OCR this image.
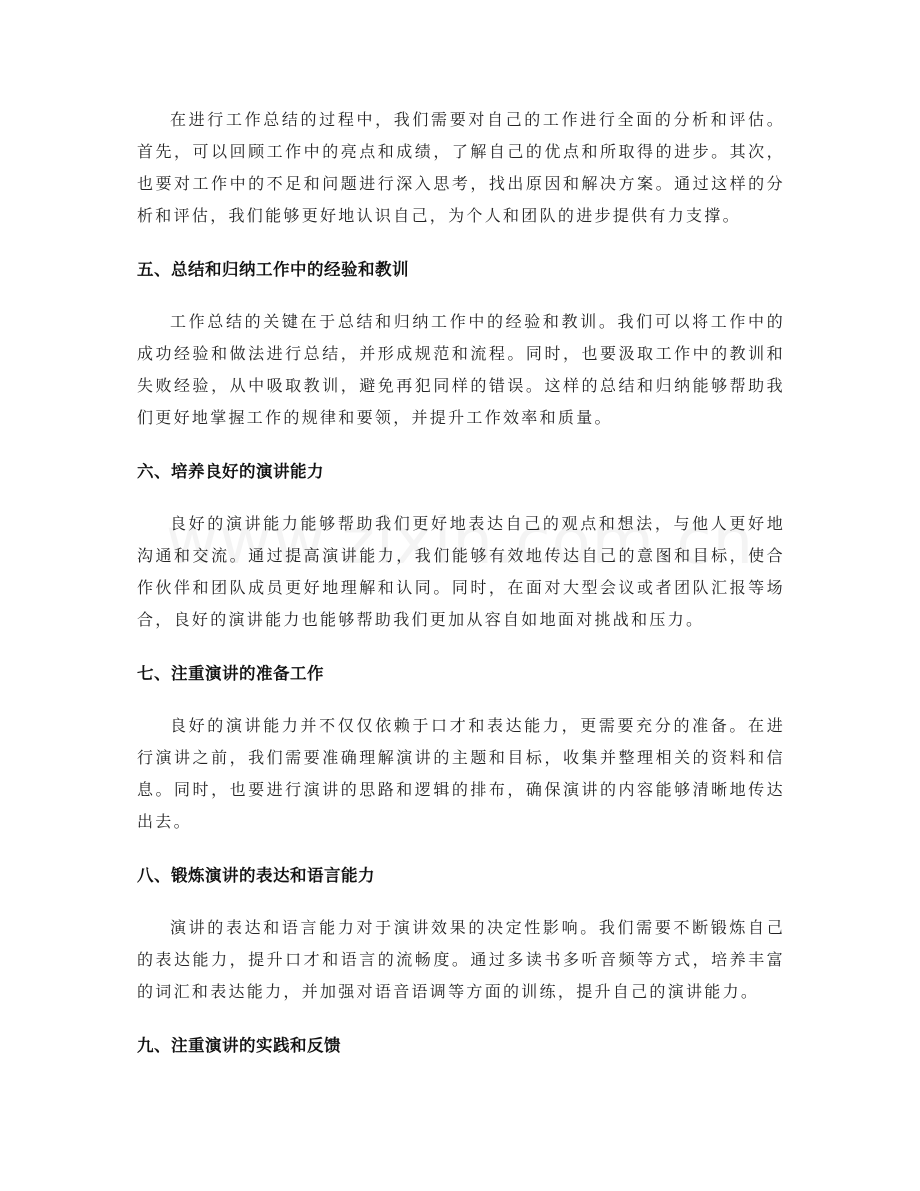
在进行工作总结的过程中，我们需要对自己的工作进行全面的分析和评估。首先，可以回顾工作中的亮点和成绩，了解自己的优点和所取得的进步。其次，也要对工作中的不足和问题进行深入思考，找出原因和解决方案。通过这样的分析和评估，我们能够更好地认识自己，为个人和团队的进步提供有力支撑。

五、总结和归纳工作中的经验和教训

工作总结的关键在于总结和归纳工作中的经验和教训。我们可以将工作中的成功经验和做法进行总结，并形成规范和流程。同时，也要汲取工作中的教训和失败经验，从中吸取教训，避免再犯同样的错误。这样的总结和归纳能够帮助我们更好地掌握工作的规律和要领，并提升工作效率和质量。

六、培养良好的演讲能力

良好的演讲能力能够帮助我们更好地表达自己的观点和想法，与他人更好地沟通和交流。通过提高演讲能力，我们能够有效地传达自己的意图和目标，使合作伙伴和团队成员更好地理解和认同。同时，在面对大型会议或者团队汇报等场合，良好的演讲能力也能够帮助我们更加从容自如地面对挑战和压力。

七、注重演讲的准备工作

良好的演讲能力并不仅仅依赖于口才和表达能力，更需要充分的准备。在进行演讲之前，我们需要准确理解演讲的主题和目标，收集并整理相关的资料和信息。同时，也要进行演讲的思路和逻辑的排布，确保演讲的内容能够清晰地传达出去。

八、锻炼演讲的表达和语言能力

演讲的表达和语言能力对于演讲效果的决定性影响。我们需要不断锻炼自己的表达能力，提升口才和语言的流畅度。通过多读书多听音频等方式，培养丰富的词汇和表达能力，并加强对语音语调等方面的训练，提升自己的演讲能力。

九、注重演讲的实践和反馈
